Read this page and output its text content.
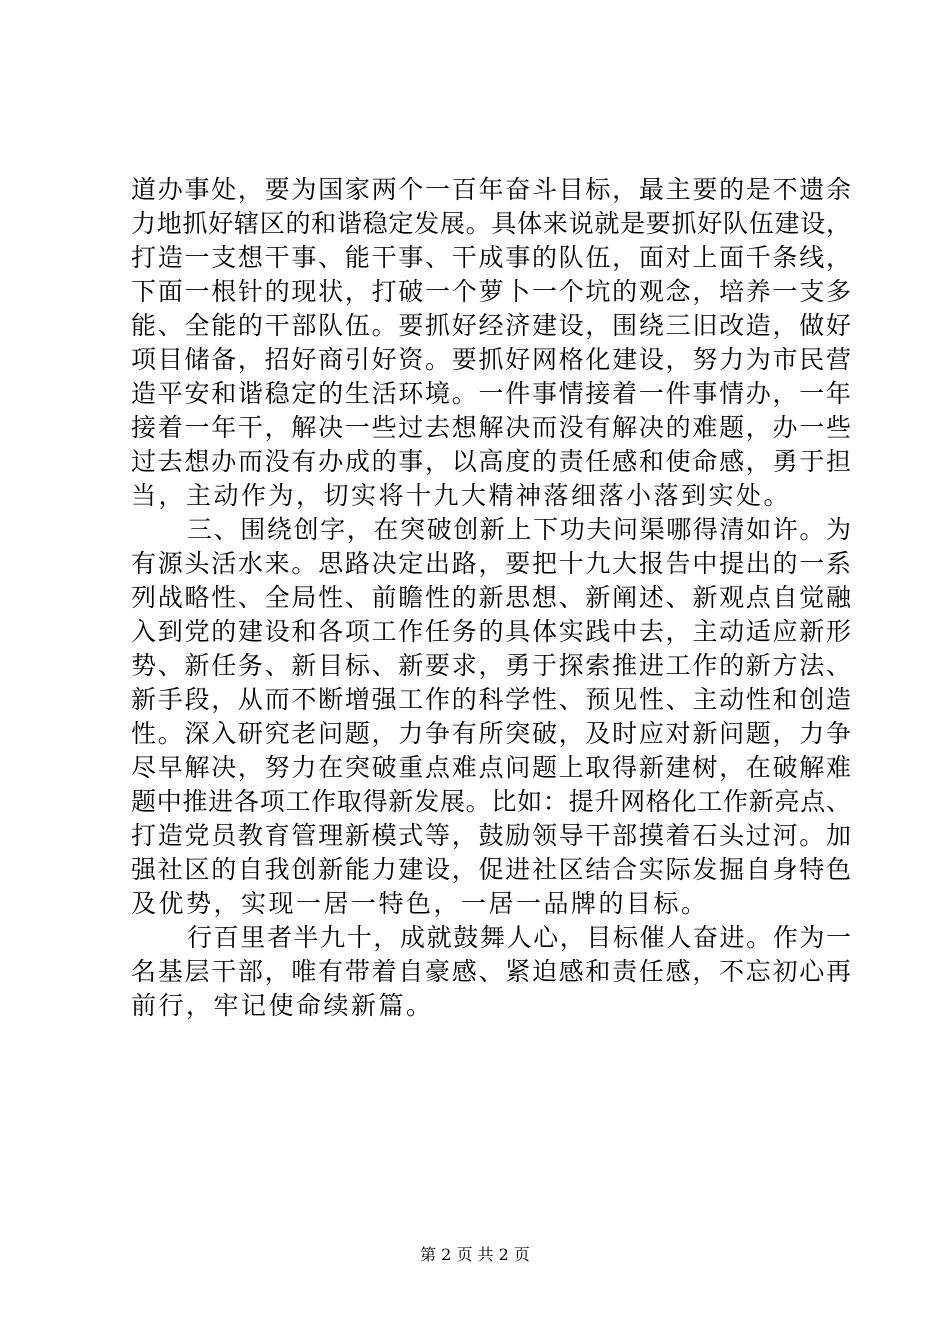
道办事处，要为国家两个一百年奋斗目标，最主要的是不遗余
力地抓好辖区的和谐稳定发展。具体来说就是要抓好队伍建设，
打造一支想干事、能干事、干成事的队伍，面对上面千条线，
下面一根针的现状，打破一个萝卜一个坑的观念，培养一支多
能、全能的干部队伍。要抓好经济建设，围绕三旧改造，做好
项目储备，招好商引好资。要抓好网格化建设，努力为市民营
造平安和谐稳定的生活环境。一件事情接着一件事情办，一年
接着一年干，解决一些过去想解决而没有解决的难题，办一些
过去想办而没有办成的事，以高度的责任感和使命感，勇于担
当，主动作为，切实将十九大精神落细落小落到实处。
三、围绕创字，在突破创新上下功夫问渠哪得清如许。为
有源头活水来。思路决定出路，要把十九大报告中提出的一系
列战略性、全局性、前瞻性的新思想、新阐述、新观点自觉融
入到党的建设和各项工作任务的具体实践中去，主动适应新形
势、新任务、新目标、新要求，勇于探索推进工作的新方法、
新手段，从而不断增强工作的科学性、预见性、主动性和创造
性。深入研究老问题，力争有所突破，及时应对新问题，力争
尽早解决，努力在突破重点难点问题上取得新建树，在破解难
题中推进各项工作取得新发展。比如：提升网格化工作新亮点、
打造党员教育管理新模式等，鼓励领导干部摸着石头过河。加
强社区的自我创新能力建设，促进社区结合实际发掘自身特色
及优势，实现一居一特色，一居一品牌的目标。
行百里者半九十，成就鼓舞人心，目标催人奋进。作为一
名基层干部，唯有带着自豪感、紧迫感和责任感，不忘初心再
前行，牢记使命续新篇。
第 2 页 共 2 页
